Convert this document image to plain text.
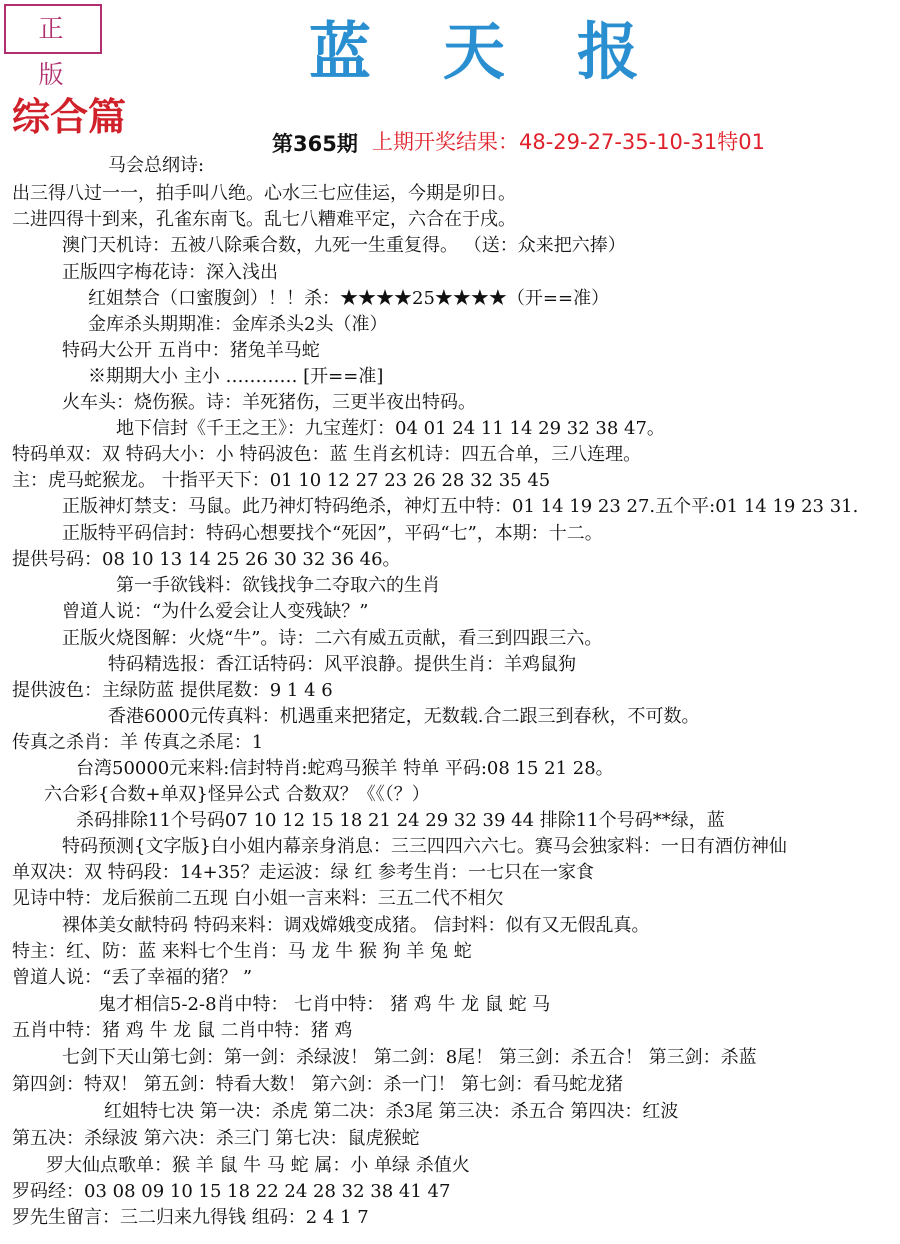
正版	蓝天报
综合篇
第365期 上期开奖结果：48-29-27-35-10-31特01
马会总纲诗:
出三得八过一一，拍手叫八绝。心水三七应佳运，今期是卯日。
二进四得十到来，孔雀东南飞。乱七八糟难平定，六合在于戌。
澳门天机诗：五被八除乘合数，九死一生重复得。 （送：众来把六捧）
正版四字梅花诗：深入浅出
红姐禁合（口蜜腹剑）！！杀：★★★★25★★★★（开==准）
金库杀头期期准：金库杀头2头（准）
特码大公开 五肖中：猪兔羊马蛇
※期期大小 主小 ………… [开==准]
火车头：烧伤猴。诗：羊死猪伤，三更半夜出特码。
地下信封《千王之王》：九宝莲灯：04 01 24 11 14 29 32 38 47。
特码单双：双 特码大小：小 特码波色：蓝 生肖玄机诗：四五合单，三八连理。
主：虎马蛇猴龙。 十指平天下：01 10 12 27 23 26 28 32 35 45
正版神灯禁支：马鼠。此乃神灯特码绝杀，神灯五中特：01 14 19 23 27.五个平:01 14 19 23 31.
正版特平码信封：特码心想要找个“死因”，平码“七”，本期：十二。
提供号码：08 10 13 14 25 26 30 32 36 46。
第一手欲钱料：欲钱找争二夺取六的生肖
曾道人说：“为什么爱会让人变残缺？”
正版火烧图解：火烧“牛”。诗：二六有威五贡献，看三到四跟三六。
特码精选报：香江话特码：风平浪静。提供生肖：羊鸡鼠狗
提供波色：主绿防蓝 提供尾数：9 1 4 6
香港6000元传真料：机遇重来把猪定，无数载.合二跟三到春秋，不可数。
传真之杀肖：羊 传真之杀尾：1
台湾50000元来料:信封特肖:蛇鸡马猴羊 特单 平码:08 15 21 28。
六合彩{合数+单双}怪异公式 合数双？《《（？）
杀码排除11个号码07 10 12 15 18 21 24 29 32 39 44 排除11个号码**绿，蓝
特码预测{文字版}白小姐内幕亲身消息：三三四四六六七。赛马会独家料：一日有酒仿神仙
单双决：双 特码段：14+35？走运波：绿 红 参考生肖：一七只在一家食
见诗中特：龙后猴前二五现 白小姐一言来料：三五二代不相欠
裸体美女献特码 特码来料：调戏嫦娥变成猪。 信封料：似有又无假乱真。
特主：红、防：蓝 来料七个生肖：马 龙 牛 猴 狗 羊 兔 蛇
曾道人说：“丢了幸福的猪？ ”
鬼才相信5-2-8肖中特： 七肖中特： 猪 鸡 牛 龙 鼠 蛇 马
五肖中特：猪 鸡 牛 龙 鼠 二肖中特：猪 鸡
七剑下天山第七剑：第一剑：杀绿波！ 第二剑：8尾！ 第三剑：杀五合！ 第三剑：杀蓝
第四剑：特双！ 第五剑：特看大数！ 第六剑：杀一门！ 第七剑：看马蛇龙猪
红姐特七决 第一决：杀虎 第二决：杀3尾 第三决：杀五合 第四决：红波
第五决：杀绿波 第六决：杀三门 第七决：鼠虎猴蛇
罗大仙点歌单：猴 羊 鼠 牛 马 蛇 属：小 单绿 杀值火
罗码经：03 08 09 10 15 18 22 24 28 32 38 41 47
罗先生留言：三二归来九得钱 组码：2 4 1 7
